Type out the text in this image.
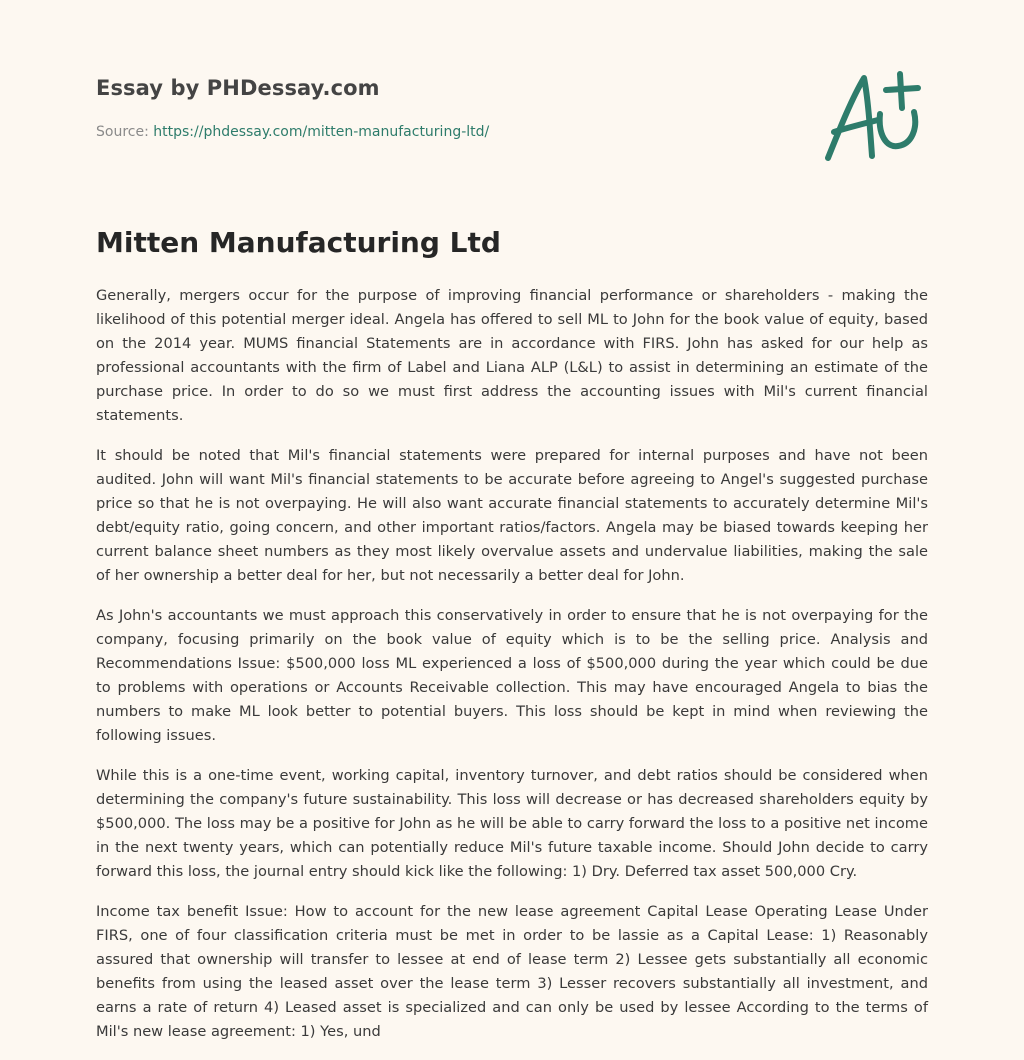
Essay by PHDessay.com

Source: https://phdessay.com/mitten-manufacturing-ltd/

Mitten Manufacturing Ltd

Generally, mergers occur for the purpose of improving financial performance or shareholders - making the likelihood of this potential merger ideal. Angela has offered to sell ML to John for the book value of equity, based on the 2014 year. MUMS financial Statements are in accordance with FIRS. John has asked for our help as professional accountants with the firm of Label and Liana ALP (L&L) to assist in determining an estimate of the purchase price. In order to do so we must first address the accounting issues with Mil's current financial statements.

It should be noted that Mil's financial statements were prepared for internal purposes and have not been audited. John will want Mil's financial statements to be accurate before agreeing to Angel's suggested purchase price so that he is not overpaying. He will also want accurate financial statements to accurately determine Mil's debt/equity ratio, going concern, and other important ratios/factors. Angela may be biased towards keeping her current balance sheet numbers as they most likely overvalue assets and undervalue liabilities, making the sale of her ownership a better deal for her, but not necessarily a better deal for John.

As John's accountants we must approach this conservatively in order to ensure that he is not overpaying for the company, focusing primarily on the book value of equity which is to be the selling price. Analysis and Recommendations Issue: $500,000 loss ML experienced a loss of $500,000 during the year which could be due to problems with operations or Accounts Receivable collection. This may have encouraged Angela to bias the numbers to make ML look better to potential buyers. This loss should be kept in mind when reviewing the following issues.

While this is a one-time event, working capital, inventory turnover, and debt ratios should be considered when determining the company's future sustainability. This loss will decrease or has decreased shareholders equity by $500,000. The loss may be a positive for John as he will be able to carry forward the loss to a positive net income in the next twenty years, which can potentially reduce Mil's future taxable income. Should John decide to carry forward this loss, the journal entry should kick like the following: 1) Dry. Deferred tax asset 500,000 Cry.

Income tax benefit Issue: How to account for the new lease agreement Capital Lease Operating Lease Under FIRS, one of four classification criteria must be met in order to be lassie as a Capital Lease: 1) Reasonably assured that ownership will transfer to lessee at end of lease term 2) Lessee gets substantially all economic benefits from using the leased asset over the lease term 3) Lesser recovers substantially all investment, and earns a rate of return 4) Leased asset is specialized and can only be used by lessee According to the terms of Mil's new lease agreement: 1) Yes, und
